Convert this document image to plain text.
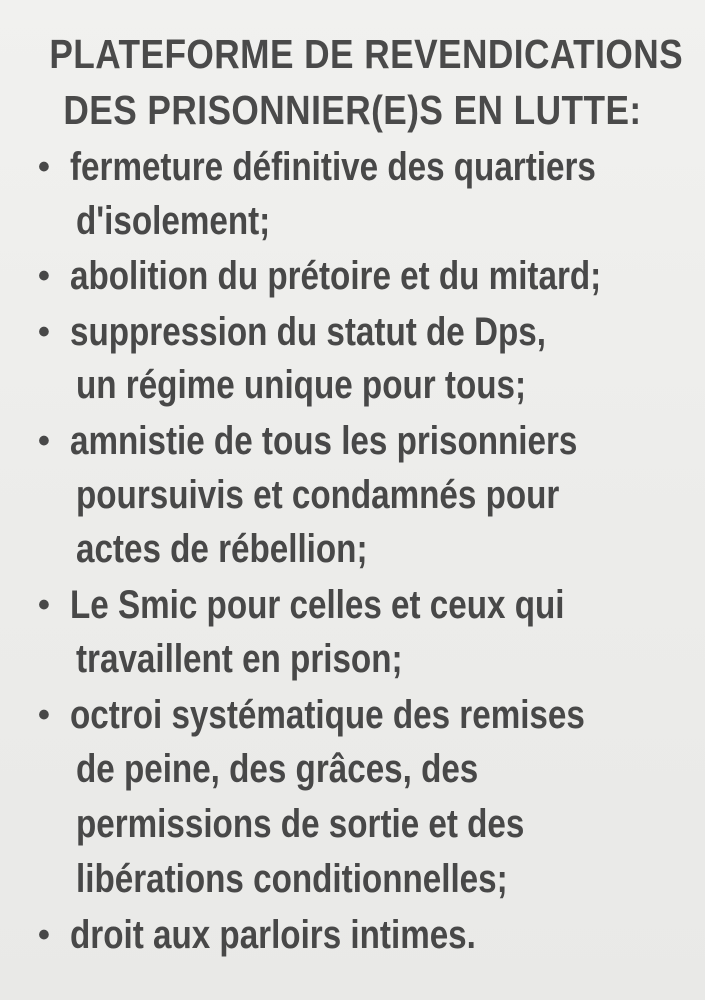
PLATEFORME DE REVENDICATIONS
DES PRISONNIER(E)S EN LUTTE:
• fermeture définitive des quartiers
d'isolement;
• abolition du prétoire et du mitard;
• suppression du statut de Dps,
un régime unique pour tous;
• amnistie de tous les prisonniers
poursuivis et condamnés pour
actes de rébellion;
• Le Smic pour celles et ceux qui
travaillent en prison;
• octroi systématique des remises
de peine, des grâces, des
permissions de sortie et des
libérations conditionnelles;
• droit aux parloirs intimes.
